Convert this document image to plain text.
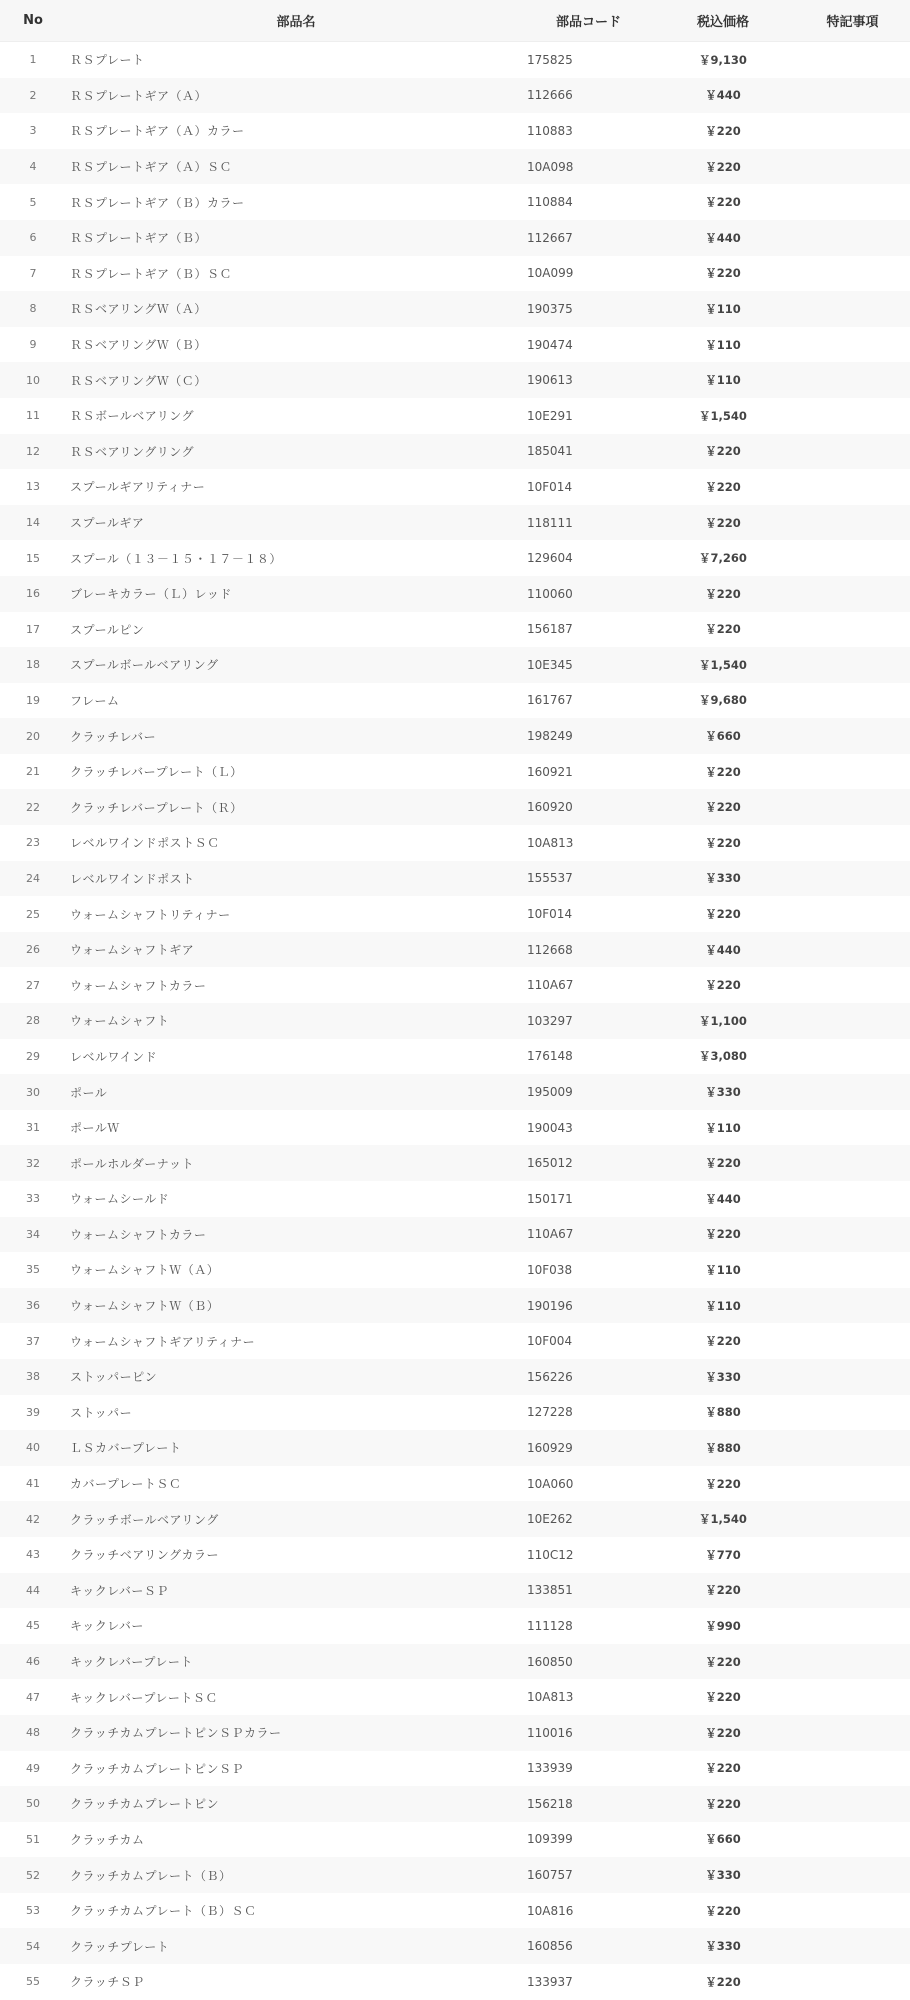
No	部品名	部品コード	税込価格	特記事項
1	ＲＳプレート	175825	￥9,130	
2	ＲＳプレートギア（Ａ）	112666	￥440	
3	ＲＳプレートギア（Ａ）カラー	110883	￥220	
4	ＲＳプレートギア（Ａ）ＳＣ	10A098	￥220	
5	ＲＳプレートギア（Ｂ）カラー	110884	￥220	
6	ＲＳプレートギア（Ｂ）	112667	￥440	
7	ＲＳプレートギア（Ｂ）ＳＣ	10A099	￥220	
8	ＲＳベアリングＷ（Ａ）	190375	￥110	
9	ＲＳベアリングＷ（Ｂ）	190474	￥110	
10	ＲＳベアリングＷ（Ｃ）	190613	￥110	
11	ＲＳボールベアリング	10E291	￥1,540	
12	ＲＳベアリングリング	185041	￥220	
13	スプールギアリティナー	10F014	￥220	
14	スプールギア	118111	￥220	
15	スプール（１３－１５・１７－１８）	129604	￥7,260	
16	ブレーキカラー（Ｌ）レッド	110060	￥220	
17	スプールピン	156187	￥220	
18	スプールボールベアリング	10E345	￥1,540	
19	フレーム	161767	￥9,680	
20	クラッチレバー	198249	￥660	
21	クラッチレバープレート（Ｌ）	160921	￥220	
22	クラッチレバープレート（Ｒ）	160920	￥220	
23	レベルワインドポストＳＣ	10A813	￥220	
24	レベルワインドポスト	155537	￥330	
25	ウォームシャフトリティナー	10F014	￥220	
26	ウォームシャフトギア	112668	￥440	
27	ウォームシャフトカラー	110A67	￥220	
28	ウォームシャフト	103297	￥1,100	
29	レベルワインド	176148	￥3,080	
30	ポール	195009	￥330	
31	ポールＷ	190043	￥110	
32	ポールホルダーナット	165012	￥220	
33	ウォームシールド	150171	￥440	
34	ウォームシャフトカラー	110A67	￥220	
35	ウォームシャフトＷ（Ａ）	10F038	￥110	
36	ウォームシャフトＷ（Ｂ）	190196	￥110	
37	ウォームシャフトギアリティナー	10F004	￥220	
38	ストッパーピン	156226	￥330	
39	ストッパー	127228	￥880	
40	ＬＳカバープレート	160929	￥880	
41	カバープレートＳＣ	10A060	￥220	
42	クラッチボールベアリング	10E262	￥1,540	
43	クラッチベアリングカラー	110C12	￥770	
44	キックレバーＳＰ	133851	￥220	
45	キックレバー	111128	￥990	
46	キックレバープレート	160850	￥220	
47	キックレバープレートＳＣ	10A813	￥220	
48	クラッチカムプレートピンＳＰカラー	110016	￥220	
49	クラッチカムプレートピンＳＰ	133939	￥220	
50	クラッチカムプレートピン	156218	￥220	
51	クラッチカム	109399	￥660	
52	クラッチカムプレート（Ｂ）	160757	￥330	
53	クラッチカムプレート（Ｂ）ＳＣ	10A816	￥220	
54	クラッチプレート	160856	￥330	
55	クラッチＳＰ	133937	￥220	
